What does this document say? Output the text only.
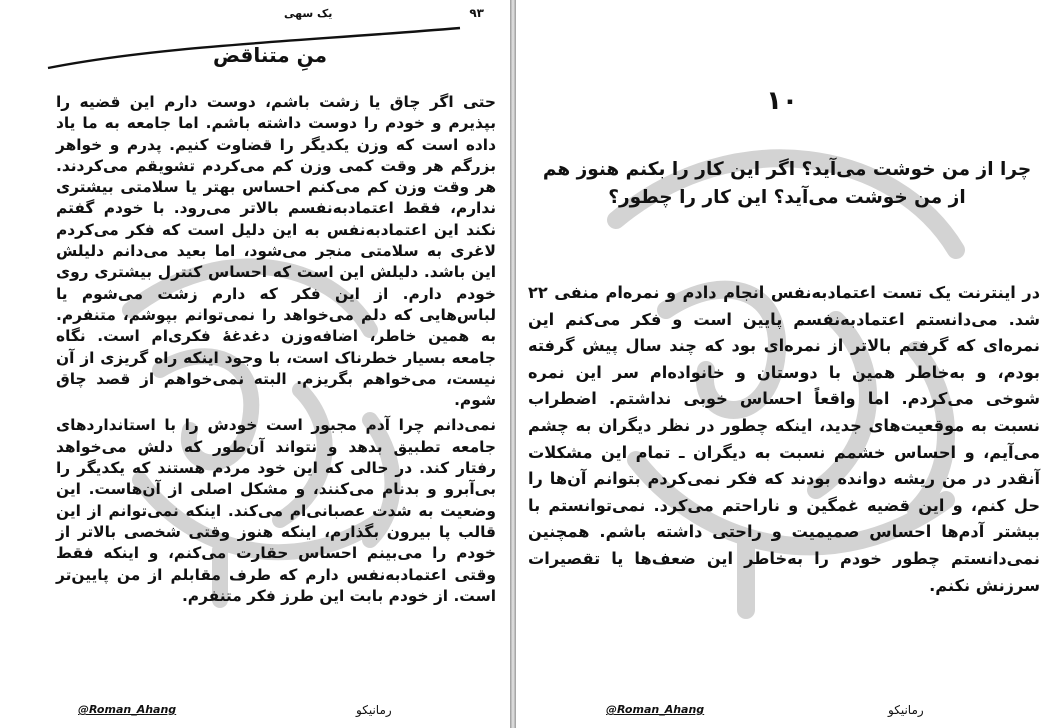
۹۳
یک سهی
منِ متناقض

حتی اگر چاق یا زشت باشم، دوست دارم این قضیه را بپذیرم و خودم را دوست داشته باشم. اما جامعه به ما یاد داده است که وزن یکدیگر را قضاوت کنیم. پدرم و خواهر بزرگم هر وقت کمی وزن کم می‌کردم تشویقم می‌کردند. هر وقت وزن کم می‌کنم احساس بهتر یا سلامتی بیشتری ندارم، فقط اعتمادبه‌نفسم بالاتر می‌رود. با خودم گفتم نکند این اعتمادبه‌نفس به این دلیل است که فکر می‌کردم لاغری به سلامتی منجر می‌شود، اما بعید می‌دانم دلیلش این باشد. دلیلش این است که احساس کنترل بیشتری روی خودم دارم. از این فکر که دارم زشت می‌شوم یا لباس‌هایی که دلم می‌خواهد را نمی‌توانم بپوشم، متنفرم. به همین خاطر، اضافه‌وزن دغدغهٔ فکری‌ام است. نگاه جامعه بسیار خطرناک است، با وجود اینکه راه گریزی از آن نیست، می‌خواهم بگریزم. البته نمی‌خواهم از قصد چاق شوم.

نمی‌دانم چرا آدم مجبور است خودش را با استانداردهای جامعه تطبیق بدهد و نتواند آن‌طور که دلش می‌خواهد رفتار کند. در حالی که این خود مردم هستند که یکدیگر را بی‌آبرو و بدنام می‌کنند، و مشکل اصلی از آن‌هاست. این وضعیت به شدت عصبانی‌ام می‌کند. اینکه نمی‌توانم از این قالب پا بیرون بگذارم، اینکه هنوز وقتی شخصی بالاتر از خودم را می‌بینم احساس حقارت می‌کنم، و اینکه فقط وقتی اعتمادبه‌نفس دارم که طرف مقابلم از من پایین‌تر است. از خودم بابت این طرز فکر متنفرم.

@Roman_Ahang	رمانیکو
۱۰
چرا از من خوشت می‌آید؟ اگر این کار را بکنم هنوز هم از من خوشت می‌آید؟ این کار را چطور؟

در اینترنت یک تست اعتمادبه‌نفس انجام دادم و نمره‌ام منفی ۲۲ شد. می‌دانستم اعتمادبه‌نفسم پایین است و فکر می‌کنم این نمره‌ای که گرفتم بالاتر از نمره‌ای بود که چند سال پیش گرفته بودم، و به‌خاطر همین با دوستان و خانواده‌ام سر این نمره شوخی می‌کردم. اما واقعاً احساس خوبی نداشتم. اضطراب نسبت به موقعیت‌های جدید، اینکه چطور در نظر دیگران به چشم می‌آیم، و احساس خشمم نسبت به دیگران ـ تمام این مشکلات آنقدر در من ریشه دوانده بودند که فکر نمی‌کردم بتوانم آن‌ها را حل کنم، و این قضیه غمگین و ناراحتم می‌کرد. نمی‌توانستم با بیشتر آدم‌ها احساس صمیمیت و راحتی داشته باشم. همچنین نمی‌دانستم چطور خودم را به‌خاطر این ضعف‌ها یا تقصیرات سرزنش نکنم.

@Roman_Ahang	رمانیکو
